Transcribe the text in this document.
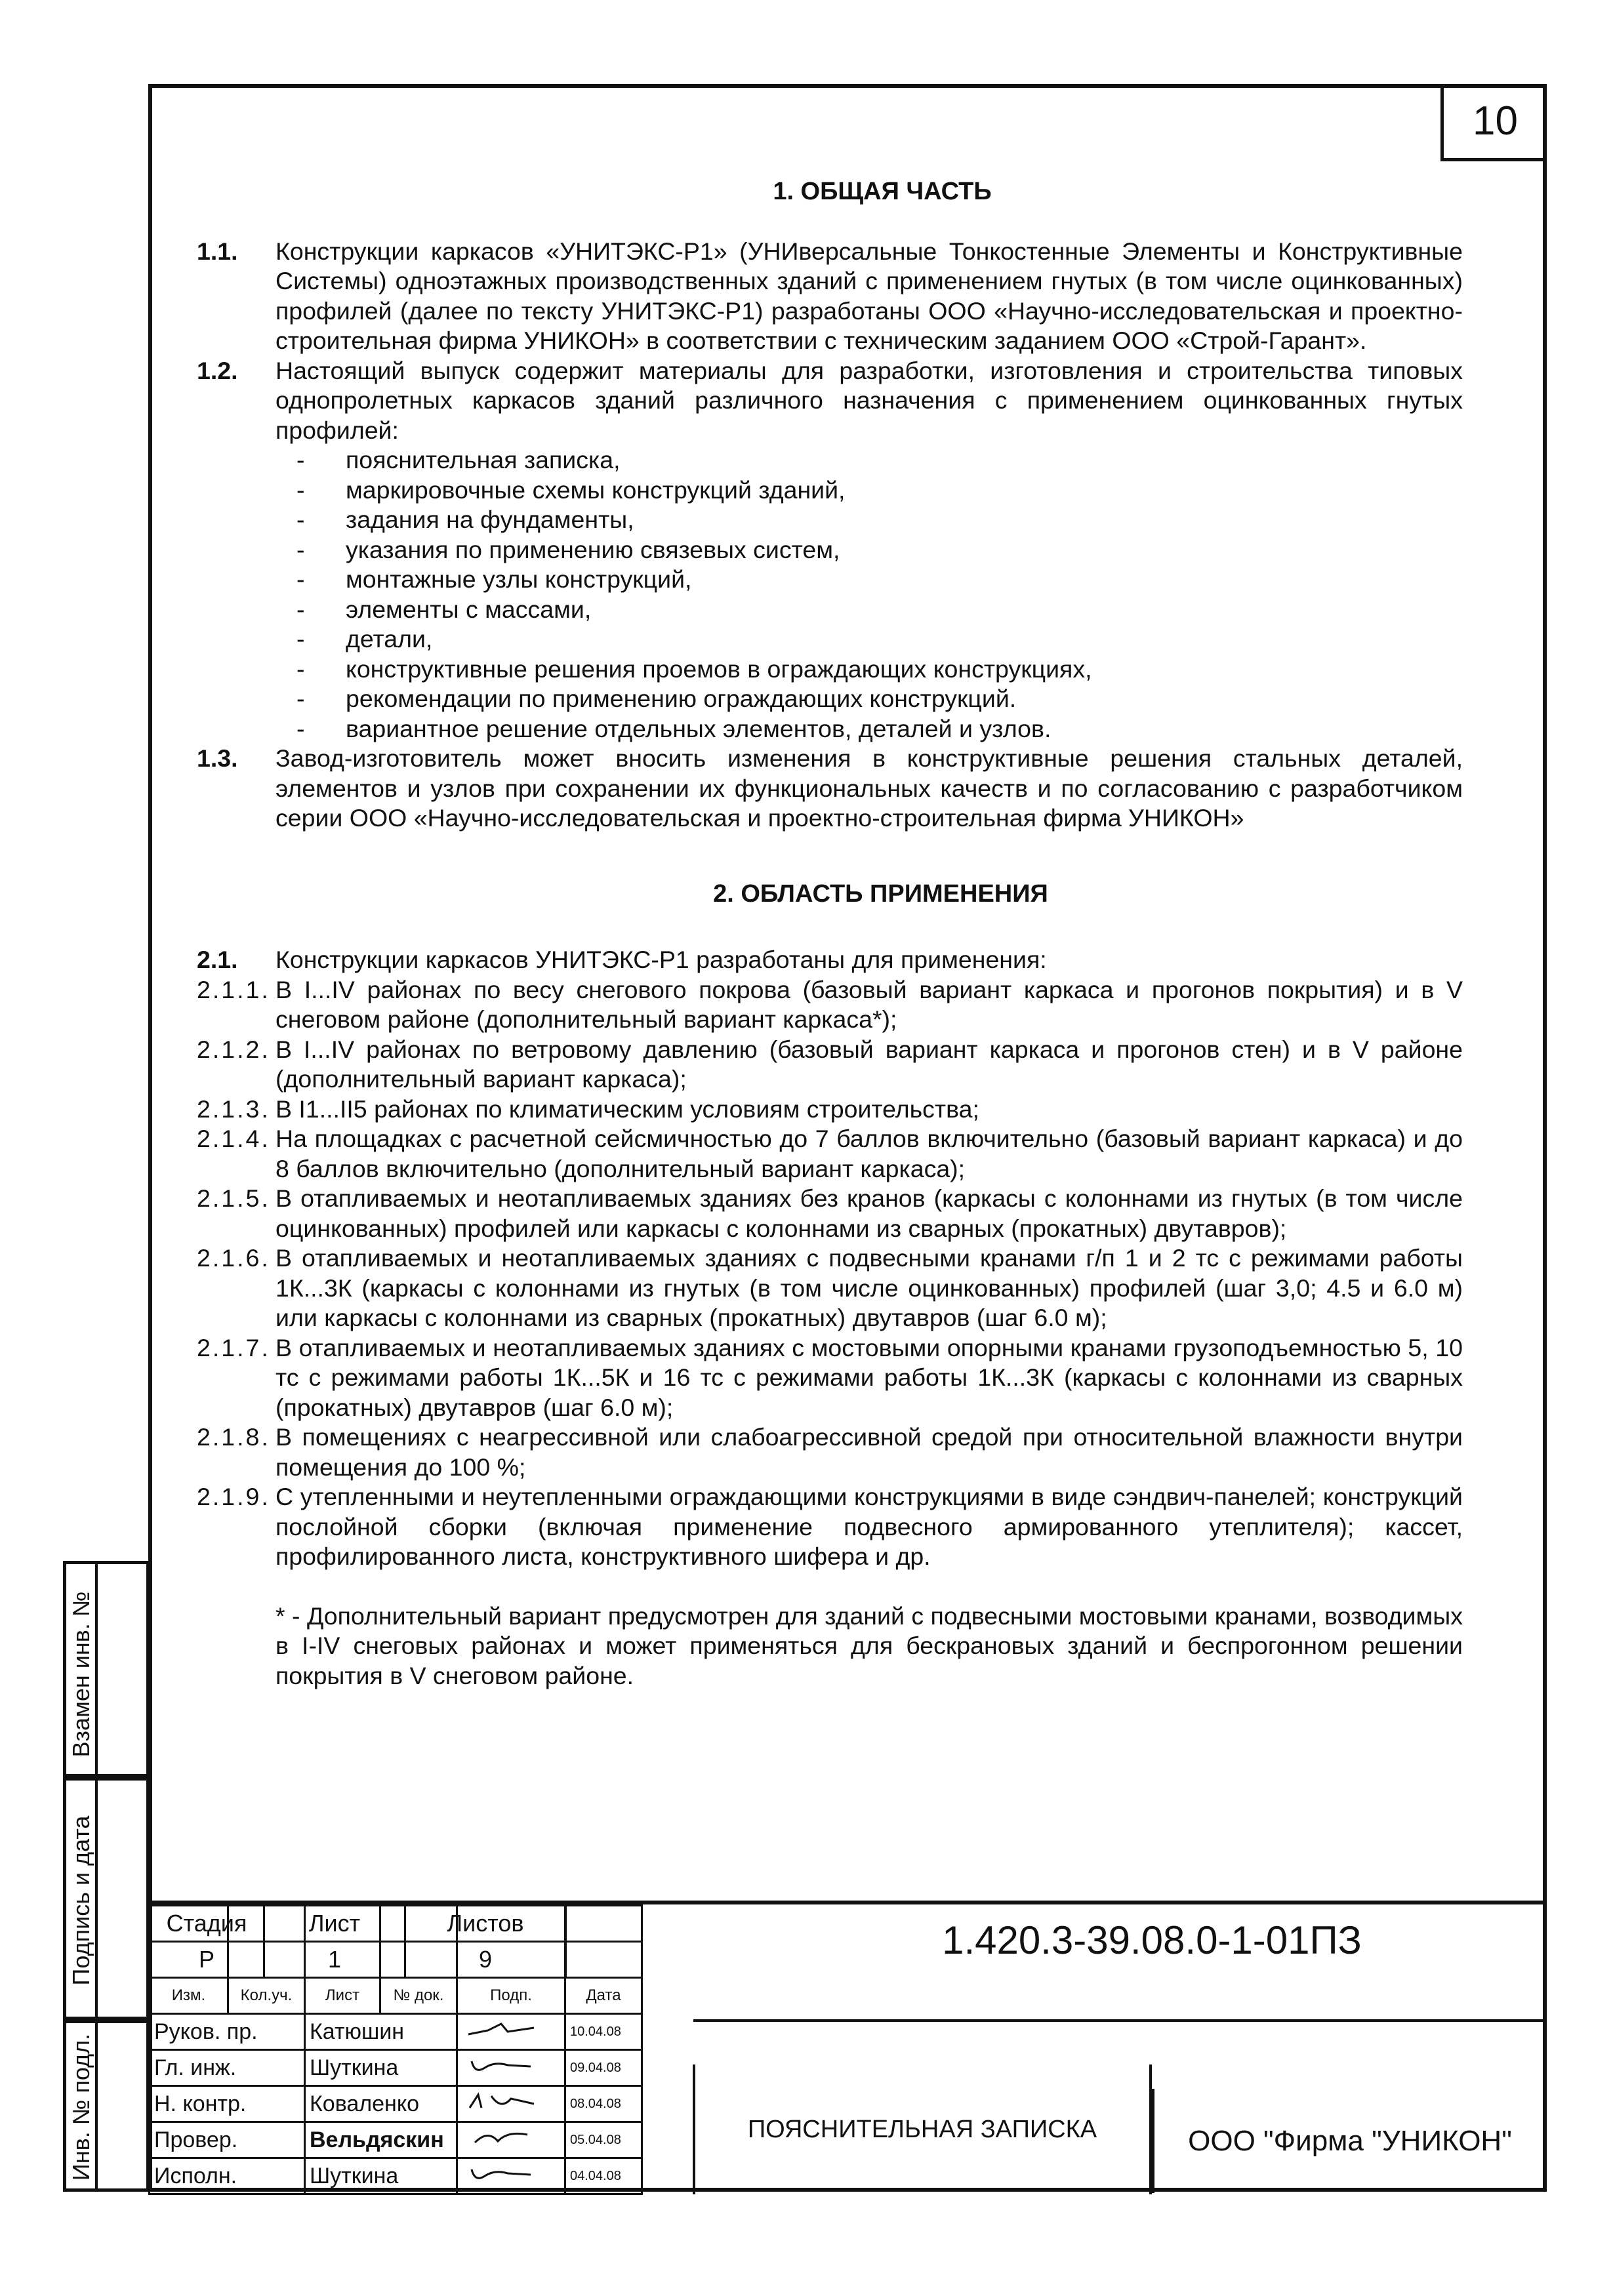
10
1. ОБЩАЯ ЧАСТЬ
1.1.	Конструкции каркасов «УНИТЭКС-Р1» (УНИверсальные Тонкостенные Элементы и Конструктивные Системы) одноэтажных производственных зданий с применением гнутых (в том числе оцинкованных) профилей (далее по тексту УНИТЭКС-Р1) разработаны ООО «Научно-исследовательская и проектно-строительная фирма УНИКОН» в соответствии с техническим заданием ООО «Строй-Гарант».
1.2.	Настоящий выпуск содержит материалы для разработки, изготовления и строительства типовых однопролетных каркасов зданий различного назначения с применением оцинкованных гнутых профилей:
-	пояснительная записка,
-	маркировочные схемы конструкций зданий,
-	задания на фундаменты,
-	указания по применению связевых систем,
-	монтажные узлы конструкций,
-	элементы с массами,
-	детали,
-	конструктивные решения проемов в ограждающих конструкциях,
-	рекомендации по применению ограждающих конструкций.
-	вариантное решение отдельных элементов, деталей и узлов.
1.3.	Завод-изготовитель может вносить изменения в конструктивные решения стальных деталей, элементов и узлов при сохранении их функциональных качеств и по согласованию с разработчиком серии ООО «Научно-исследовательская и проектно-строительная фирма УНИКОН»
2. ОБЛАСТЬ ПРИМЕНЕНИЯ
2.1.	Конструкции каркасов УНИТЭКС-Р1 разработаны для применения:
2.1.1. В I...IV районах по весу снегового покрова (базовый вариант каркаса и прогонов покрытия) и в V снеговом районе (дополнительный вариант каркаса*);
2.1.2. В I...IV районах по ветровому давлению (базовый вариант каркаса и прогонов стен) и в V районе (дополнительный вариант каркаса);
2.1.3. В I1...II5 районах по климатическим условиям строительства;
2.1.4. На площадках с расчетной сейсмичностью до 7 баллов включительно (базовый вариант каркаса) и до 8 баллов включительно (дополнительный вариант каркаса);
2.1.5. В отапливаемых и неотапливаемых зданиях без кранов (каркасы с колоннами из гнутых (в том числе оцинкованных) профилей или каркасы с колоннами из сварных (прокатных) двутавров);
2.1.6. В отапливаемых и неотапливаемых зданиях с подвесными кранами г/п 1 и 2 тс с режимами работы 1К...3К (каркасы с колоннами из гнутых (в том числе оцинкованных) профилей (шаг 3,0; 4.5 и 6.0 м) или каркасы с колоннами из сварных (прокатных) двутавров (шаг 6.0 м);
2.1.7. В отапливаемых и неотапливаемых зданиях с мостовыми опорными кранами грузоподъемностью 5, 10 тс с режимами работы 1К...5К и 16 тс с режимами работы 1К...3К (каркасы с колоннами из сварных (прокатных) двутавров (шаг 6.0 м);
2.1.8. В помещениях с неагрессивной или слабоагрессивной средой при относительной влажности внутри помещения до 100 %;
2.1.9. С утепленными и неутепленными ограждающими конструкциями в виде сэндвич-панелей; конструкций послойной сборки (включая применение подвесного армированного утеплителя); кассет, профилированного листа, конструктивного шифера и др.
* - Дополнительный вариант предусмотрен для зданий с подвесными мостовыми кранами, возводимых в I-IV снеговых районах и может применяться для бескрановых зданий и беспрогонном решении покрытия в V снеговом районе.
Взамен инв. №
Подпись и дата
Инв. № подл.

Изм.	Кол.уч.	Лист	№ док.	Подп.	Дата
Руков. пр.		Катюшин			10.04.08
Гл. инж.		Шуткина			09.04.08
Н. контр.		Коваленко			08.04.08
Провер.		Вельдяскин			05.04.08
Исполн.		Шуткина			04.04.08
1.420.3-39.08.0-1-01ПЗ
ПОЯСНИТЕЛЬНАЯ ЗАПИСКА
Стадия	Лист	Листов
Р	1	9
ООО "Фирма "УНИКОН"
